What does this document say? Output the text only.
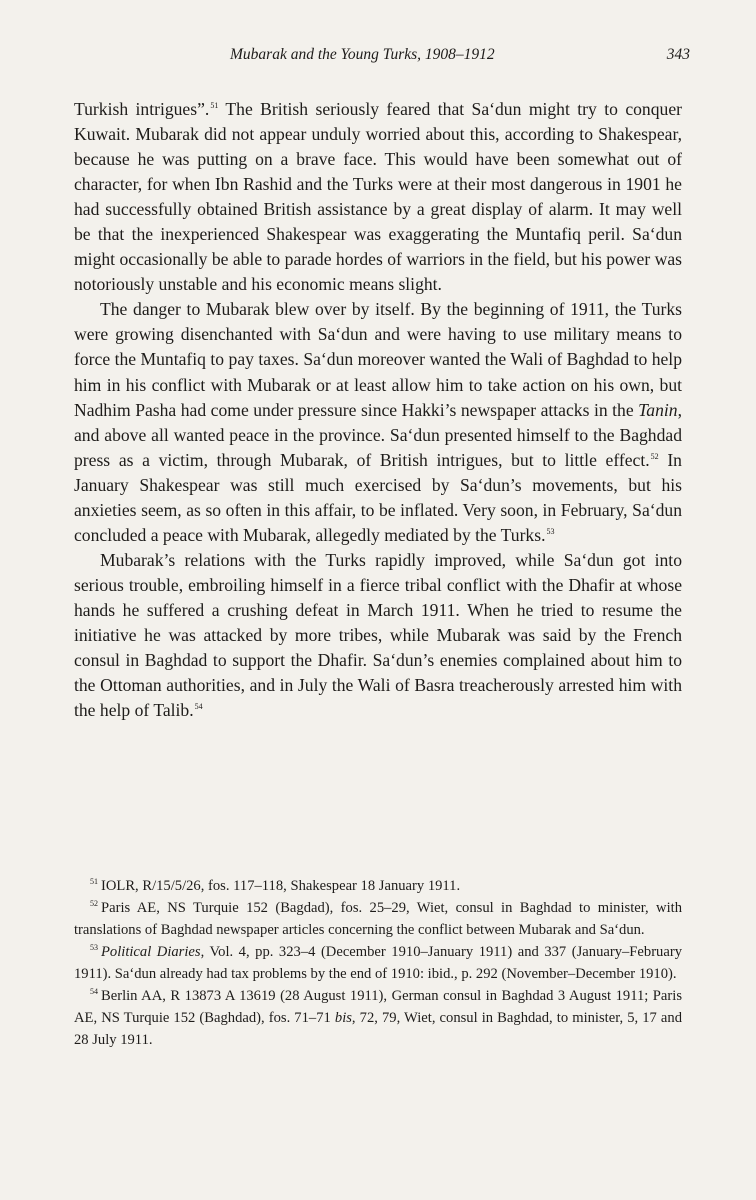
Mubarak and the Young Turks, 1908–1912	343

Turkish intrigues”.$^{51}$ The British seriously feared that Sa‘dun might try to conquer Kuwait. Mubarak did not appear unduly worried about this, according to Shakespear, because he was putting on a brave face. This would have been somewhat out of character, for when Ibn Rashid and the Turks were at their most dangerous in 1901 he had successfully obtained British assistance by a great display of alarm. It may well be that the inexperienced Shakespear was exaggerating the Muntafiq peril. Sa‘dun might occasionally be able to parade hordes of warriors in the field, but his power was notoriously unstable and his economic means slight.

The danger to Mubarak blew over by itself. By the beginning of 1911, the Turks were growing disenchanted with Sa‘dun and were having to use military means to force the Muntafiq to pay taxes. Sa‘dun moreover wanted the Wali of Baghdad to help him in his conflict with Mubarak or at least allow him to take action on his own, but Nadhim Pasha had come under pressure since Hakki’s newspaper attacks in the Tanin, and above all wanted peace in the province. Sa‘dun presented himself to the Baghdad press as a victim, through Mubarak, of British intrigues, but to little effect.$^{52}$ In January Shakespear was still much exercised by Sa‘dun’s movements, but his anxieties seem, as so often in this affair, to be inflated. Very soon, in February, Sa‘dun concluded a peace with Mubarak, allegedly mediated by the Turks.$^{53}$

Mubarak’s relations with the Turks rapidly improved, while Sa‘dun got into serious trouble, embroiling himself in a fierce tribal conflict with the Dhafir at whose hands he suffered a crushing defeat in March 1911. When he tried to resume the initiative he was attacked by more tribes, while Mubarak was said by the French consul in Baghdad to support the Dhafir. Sa‘dun’s enemies complained about him to the Ottoman authorities, and in July the Wali of Basra treacherously arrested him with the help of Talib.$^{54}$

$^{51}$ IOLR, R/15/5/26, fos. 117–118, Shakespear 18 January 1911.

$^{52}$ Paris AE, NS Turquie 152 (Bagdad), fos. 25–29, Wiet, consul in Baghdad to minister, with translations of Baghdad newspaper articles concerning the conflict between Mubarak and Sa‘dun.

$^{53}$ Political Diaries, Vol. 4, pp. 323–4 (December 1910–January 1911) and 337 (January–February 1911). Sa‘dun already had tax problems by the end of 1910: ibid., p. 292 (November–December 1910).

$^{54}$ Berlin AA, R 13873 A 13619 (28 August 1911), German consul in Baghdad 3 August 1911; Paris AE, NS Turquie 152 (Baghdad), fos. 71–71 bis, 72, 79, Wiet, consul in Baghdad, to minister, 5, 17 and 28 July 1911.
